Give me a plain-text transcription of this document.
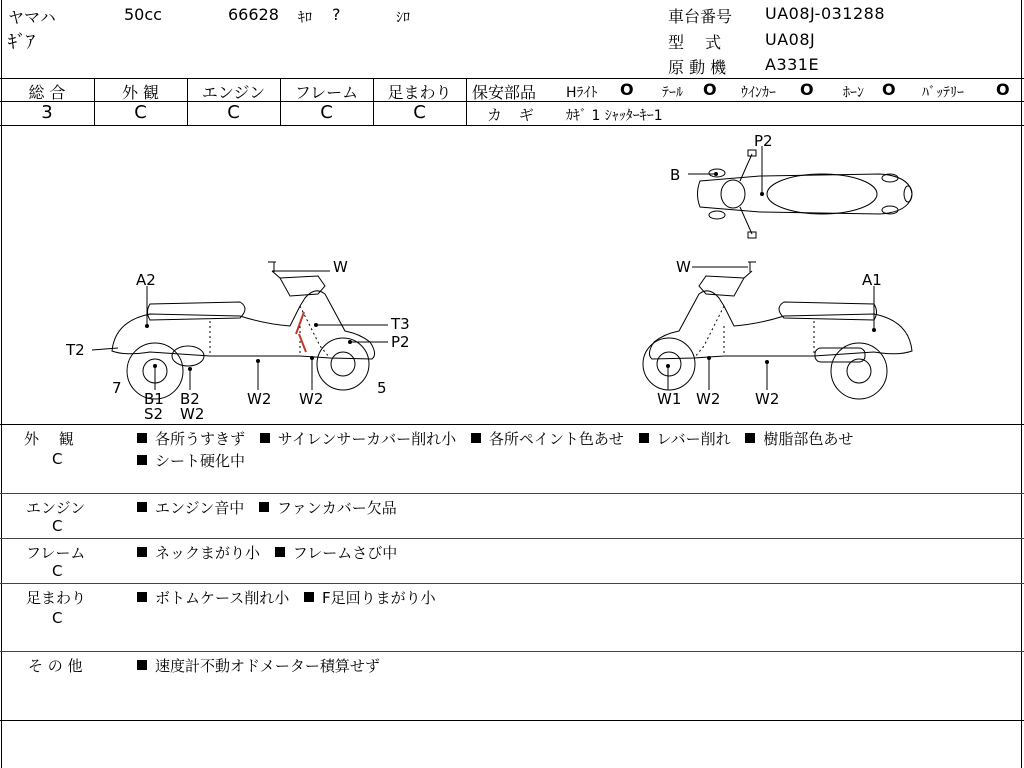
ヤマハ	50cc	66628 ｷﾛ ?	ｼﾛ
ｷﾞｱ
車台番号 UA08J-031288
型　 式	UA08J
原 動 機 A331E
総 合	外 観	エンジン	フレーム	足まわり
3	C	C	C	C
保安部品 Hﾗｲﾄ O ﾃｰﾙ O ｳｲﾝｶｰ O ﾎｰﾝ O ﾊﾞｯﾃﾘｰ O
カ ギ ｶｷﾞ 1 ｼｬｯﾀｰｷｰ1
P2
B
W
A2
T3
P2
T2
7	5
B1
S2
B2
W2
W2 W2
W
A1
W1 W2 W2
外　 観
C
各所うすきず サイレンサーカバー削れ小 各所ペイント色あせ レバー削れ 樹脂部色あせ
シート硬化中
エンジン
C
エンジン音中 ファンカバー欠品
フレーム
C
ネックまがり小 フレームさび中
足まわり
C
ボトムケース削れ小 F足回りまがり小
そ の 他	速度計不動オドメーター積算せず
